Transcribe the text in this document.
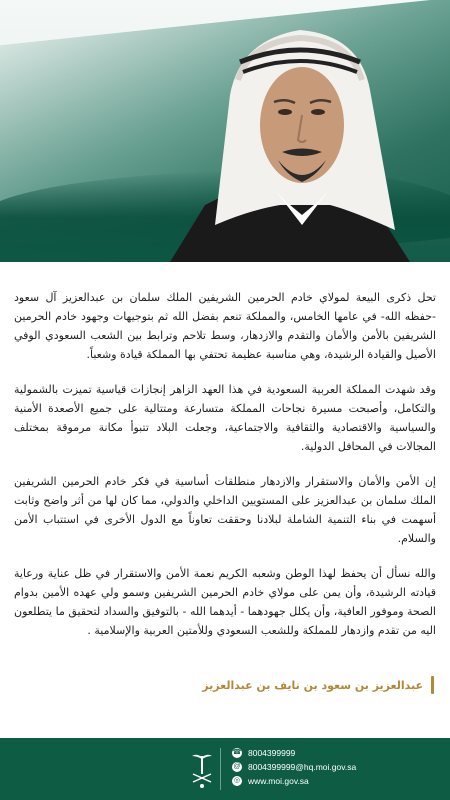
تحل ذكرى البيعة لمولاي خادم الحرمين الشريفين الملك سلمان بن عبدالعزيز آل سعود -حفظه الله- في عامها الخامس، والمملكة تنعم بفضل الله ثم بتوجيهات وجهود خادم الحرمين الشريفين بالأمن والأمان والتقدم والازدهار، وسط تلاحم وترابط بين الشعب السعودي الوفي الأصيل والقيادة الرشيدة، وهي مناسبة عظيمة تحتفي بها المملكة قيادة وشعباً.

وقد شهدت المملكة العربية السعودية في هذا العهد الزاهر إنجازات قياسية تميزت بالشمولية والتكامل، وأصبحت مسيرة نجاحات المملكة متسارعة ومتتالية على جميع الأصعدة الأمنية والسياسية والاقتصادية والثقافية والاجتماعية، وجعلت البلاد تتبوأ مكانة مرموقة بمختلف المجالات في المحافل الدولية.

إن الأمن والأمان والاستقرار والازدهار منطلقات أساسية في فكر خادم الحرمين الشريفين الملك سلمان بن عبدالعزيز على المستويين الداخلي والدولي، مما كان لها من أثر واضح وثابت أسهمت في بناء التنمية الشاملة لبلادنا وحققت تعاوناً مع الدول الأخرى في استتباب الأمن والسلام.

والله نسأل أن يحفظ لهذا الوطن وشعبه الكريم نعمة الأمن والاستقرار في ظل عناية ورعاية قيادته الرشيدة، وأن يمن على مولاي خادم الحرمين الشريفين وسمو ولي عهده الأمين بدوام الصحة وموفور العافية، وأن يكلل جهودهما - أيدهما الله - بالتوفيق والسداد لتحقيق ما يتطلعون اليه من تقدم وازدهار للمملكة وللشعب السعودي وللأمتين العربية والإسلامية .

عبدالعزيز بن سعود بن نايف بن عبدالعزيز
☎ 8004399999
@ 8004399999@hq.moi.gov.sa
◎ www.moi.gov.sa
